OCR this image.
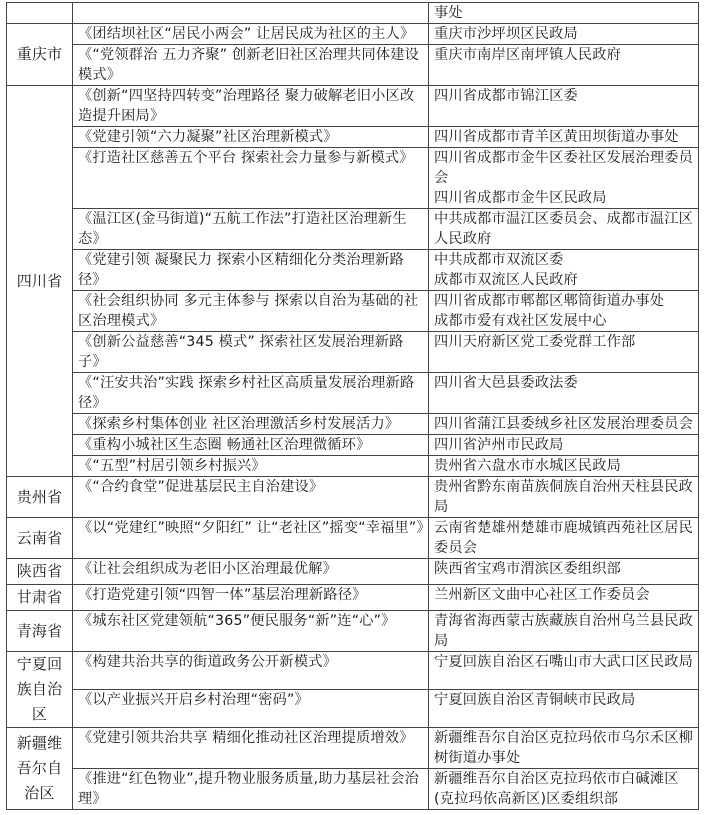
		事处
重庆市	《团结坝社区“居民小两会” 让居民成为社区的主人》	重庆市沙坪坝区民政局
	《“党领群治 五力齐聚” 创新老旧社区治理共同体建设模式》	重庆市南岸区南坪镇人民政府
四川省	《创新“四坚持四转变”治理路径 聚力破解老旧小区改造提升困局》	四川省成都市锦江区委
	《党建引领“六力凝聚”社区治理新模式》	四川省成都市青羊区黄田坝街道办事处
	《打造社区慈善五个平台 探索社会力量参与新模式》	四川省成都市金牛区委社区发展治理委员会
四川省成都市金牛区民政局
	《温江区(金马街道)“五航工作法”打造社区治理新生态》	中共成都市温江区委员会、成都市温江区人民政府
	《党建引领 凝聚民力 探索小区精细化分类治理新路径》	中共成都市双流区委
成都市双流区人民政府
	《社会组织协同 多元主体参与 探索以自治为基础的社区治理模式》	四川省成都市郫都区郫筒街道办事处
成都市爱有戏社区发展中心
	《创新公益慈善“345 模式” 探索社区发展治理新路子》	四川天府新区党工委党群工作部
	《“汪安共治”实践 探索乡村社区高质量发展治理新路径》	四川省大邑县委政法委
	《探索乡村集体创业 社区治理激活乡村发展活力》	四川省蒲江县委绒乡社区发展治理委员会
	《重构小城社区生态圈 畅通社区治理微循环》	四川省泸州市民政局
	《“五型”村居引领乡村振兴》	贵州省六盘水市水城区民政局
贵州省	《“合约食堂”促进基层民主自治建设》	贵州省黔东南苗族侗族自治州天柱县民政局
云南省	《以“党建红”映照“夕阳红” 让“老社区”摇变“幸福里”》	云南省楚雄州楚雄市鹿城镇西苑社区居民委员会
陕西省	《让社会组织成为老旧小区治理最优解》	陕西省宝鸡市渭滨区委组织部
甘肃省	《打造党建引领“四智一体”基层治理新路径》	兰州新区文曲中心社区工作委员会
青海省	《城东社区党建领航“365”便民服务“新”连“心”》	青海省海西蒙古族藏族自治州乌兰县民政局
宁夏回族自治区	《构建共治共享的街道政务公开新模式》	宁夏回族自治区石嘴山市大武口区民政局
	《以产业振兴开启乡村治理“密码”》	宁夏回族自治区青铜峡市民政局
新疆维吾尔自治区	《党建引领共治共享 精细化推动社区治理提质增效》	新疆维吾尔自治区克拉玛依市乌尔禾区柳树街道办事处
	《推进“红色物业”,提升物业服务质量,助力基层社会治理》	新疆维吾尔自治区克拉玛依市白碱滩区(克拉玛依高新区)区委组织部
